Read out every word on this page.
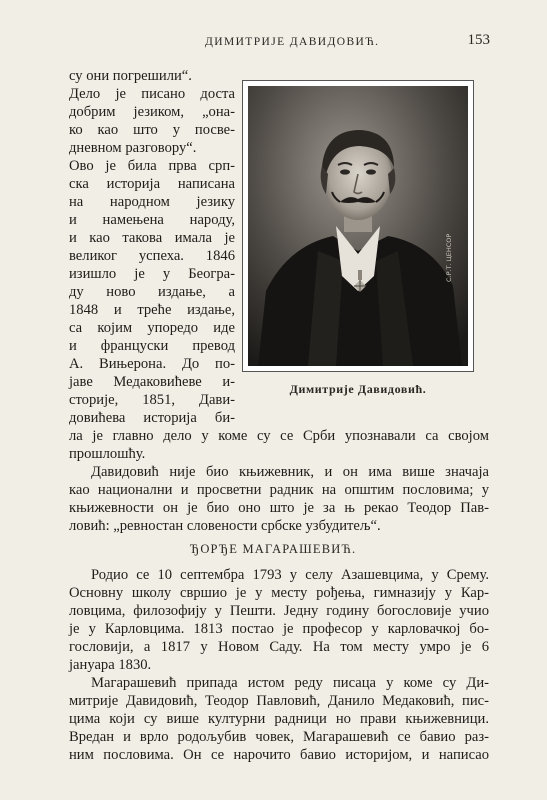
ДИМИТРИЈЕ ДАВИДОВИЋ.	153
С.Р.Т. ЦЕНСОР
Димитрије Давидовић.
су они погрешили“.
Дело је писано доста
добрим језиком, „она-
ко као што у посве-
дневном разговору“.
Ово је била прва срп-
ска историја написана
на народном језику
и намењена народу,
и као такова имала је
великог успеха. 1846
изишло је у Београ-
ду ново издање, а
1848 и треће издање,
са којим упоредо иде
и француски превод
А. Вињерона. До по-
јаве Медаковићеве и-
сторије, 1851, Дави-
довићева историја би-
ла је главно дело у коме су се Срби упознавали са својом
прошлошћу.
Давидовић није био књижевник, и он има више значаја
као национални и просветни радник на општим пословима; у
књижевности он је био оно што је за њ рекао Теодор Пав-
ловић: „ревностан словености србске узбудитељ“.
ЂОРЂЕ МАГАРАШЕВИЋ.
Родио се 10 септембра 1793 у селу Азашевцима, у Срему.
Основну школу свршио је у месту рођења, гимназију у Кар-
ловцима, филозофију у Пешти. Једну годину богословије учио
је у Карловцима. 1813 постао је професор у карловачкој бо-
гословији, а 1817 у Новом Саду. На том месту умро је 6
јануара 1830.
Магарашевић припада истом реду писаца у коме су Ди-
митрије Давидовић, Теодор Павловић, Данило Медаковић, пис-
цима који су више културни радници но прави књижевници.
Вредан и врло родољубив човек, Магарашевић се бавио раз-
ним пословима. Он се нарочито бавио историјом, и написао
